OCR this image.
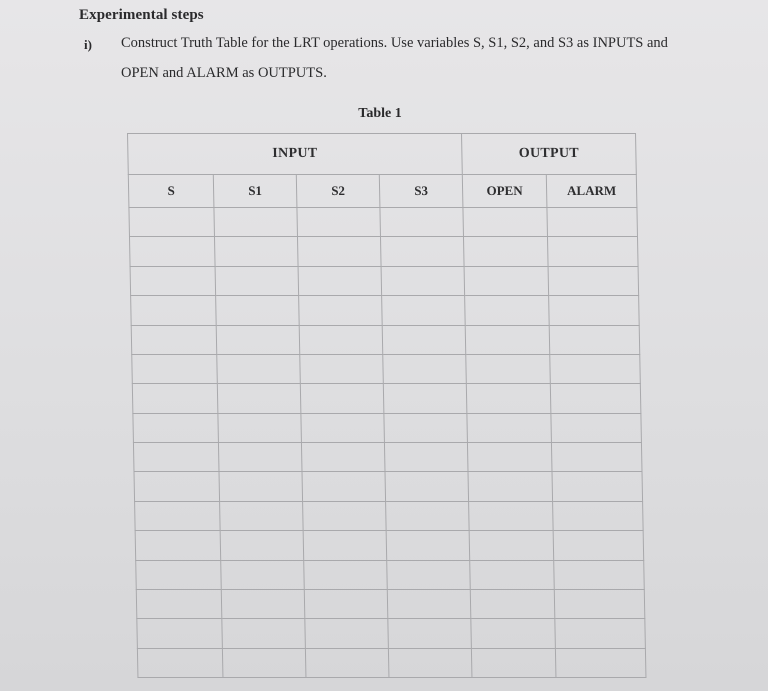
Experimental steps
i) Construct Truth Table for the LRT operations. Use variables S, S1, S2, and S3 as INPUTS and
OPEN and ALARM as OUTPUTS.
Table 1
INPUT				OUTPUT	
S	S1	S2	S3	OPEN	ALARM
